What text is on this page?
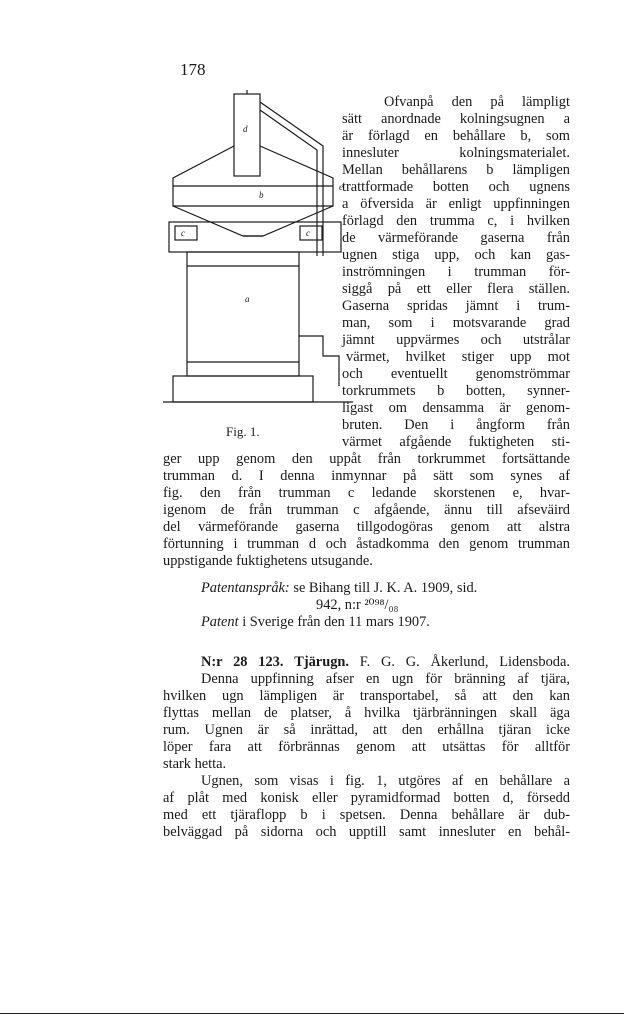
178
d
b
c	c
a
e
Fig. 1.
Ofvanpå den på lämpligt
sätt anordnade kolningsugnen a
är förlagd en behållare b, som
innesluter kolningsmaterialet.
Mellan behållarens b lämpligen
trattformade botten och ugnens
a öfversida är enligt uppfinningen
förlagd den trumma c, i hvilken
de värmeförande gaserna från
ugnen stiga upp, och kan gas-
inströmningen i trumman för-
siggå på ett eller flera ställen.
Gaserna spridas jämnt i trum-
man, som i motsvarande grad
jämnt uppvärmes och utstrålar
värmet, hvilket stiger upp mot
och eventuellt genomströmmar
torkrummets b botten, synner-
ligast om densamma är genom-
bruten. Den i ångform från
värmet afgående fuktigheten sti-
ger upp genom den uppåt från torkrummet fortsättande
trumman d. I denna inmynnar på sätt som synes af
fig. den från trumman c ledande skorstenen e, hvar-
igenom de från trumman c afgående, ännu till afseväird
del värmeförande gaserna tillgodogöras genom att alstra
förtunning i trumman d och åstadkomma den genom trumman
uppstigande fuktighetens utsugande.
Patentanspråk: se Bihang till J. K. A. 1909, sid.
942, n:r ²⁰⁹⁸/₀₈
Patent i Sverige från den 11 mars 1907.
N:r 28 123. Tjärugn. F. G. G. Åkerlund, Lidensboda.
Denna uppfinning afser en ugn för bränning af tjära,
hvilken ugn lämpligen är transportabel, så att den kan
flyttas mellan de platser, å hvilka tjärbränningen skall äga
rum. Ugnen är så inrättad, att den erhållna tjäran icke
löper fara att förbrännas genom att utsättas för alltför
stark hetta.
Ugnen, som visas i fig. 1, utgöres af en behållare a
af plåt med konisk eller pyramidformad botten d, försedd
med ett tjäraflopp b i spetsen. Denna behållare är dub-
belväggad på sidorna och upptill samt innesluter en behål-
